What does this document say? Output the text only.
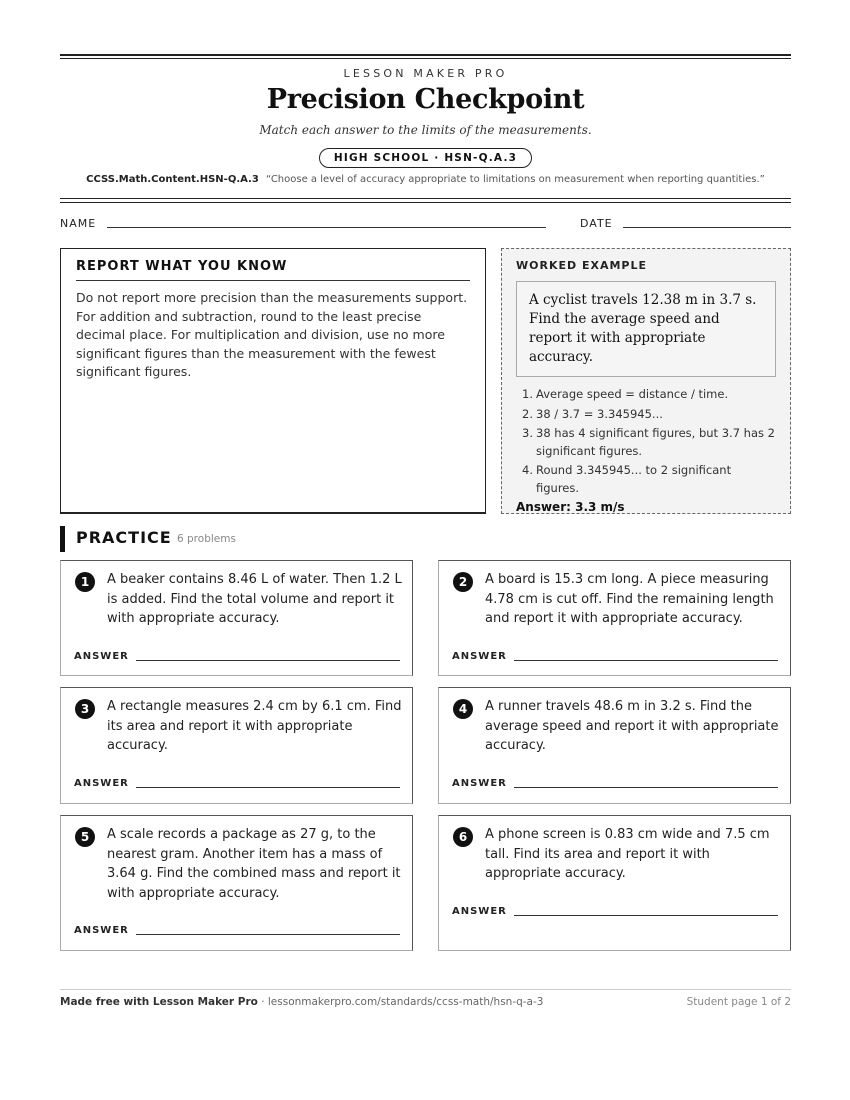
LESSON MAKER PRO
Precision Checkpoint
Match each answer to the limits of the measurements.
HIGH SCHOOL · HSN-Q.A.3
CCSS.Math.Content.HSN-Q.A.3 “Choose a level of accuracy appropriate to limitations on measurement when reporting quantities.”
NAME	DATE
REPORT WHAT YOU KNOW
Do not report more precision than the measurements support. For addition and subtraction, round to the least precise decimal place. For multiplication and division, use no more significant figures than the measurement with the fewest significant figures.
WORKED EXAMPLE
A cyclist travels 12.38 m in 3.7 s. Find the average speed and report it with appropriate accuracy.
1. Average speed = distance / time.
2. 38 / 3.7 = 3.345945...
3. 38 has 4 significant figures, but 3.7 has 2 significant figures.
4. Round 3.345945... to 2 significant figures.
Answer: 3.3 m/s
PRACTICE 6 problems
1	A beaker contains 8.46 L of water. Then 1.2 L is added. Find the total volume and report it with appropriate accuracy.
ANSWER
2	A board is 15.3 cm long. A piece measuring 4.78 cm is cut off. Find the remaining length and report it with appropriate accuracy.
ANSWER
3	A rectangle measures 2.4 cm by 6.1 cm. Find its area and report it with appropriate accuracy.
ANSWER
4	A runner travels 48.6 m in 3.2 s. Find the average speed and report it with appropriate accuracy.
ANSWER
5	A scale records a package as 27 g, to the nearest gram. Another item has a mass of 3.64 g. Find the combined mass and report it with appropriate accuracy.
ANSWER
6	A phone screen is 0.83 cm wide and 7.5 cm tall. Find its area and report it with appropriate accuracy.
ANSWER
Made free with Lesson Maker Pro · lessonmakerpro.com/standards/ccss-math/hsn-q-a-3	Student page 1 of 2
